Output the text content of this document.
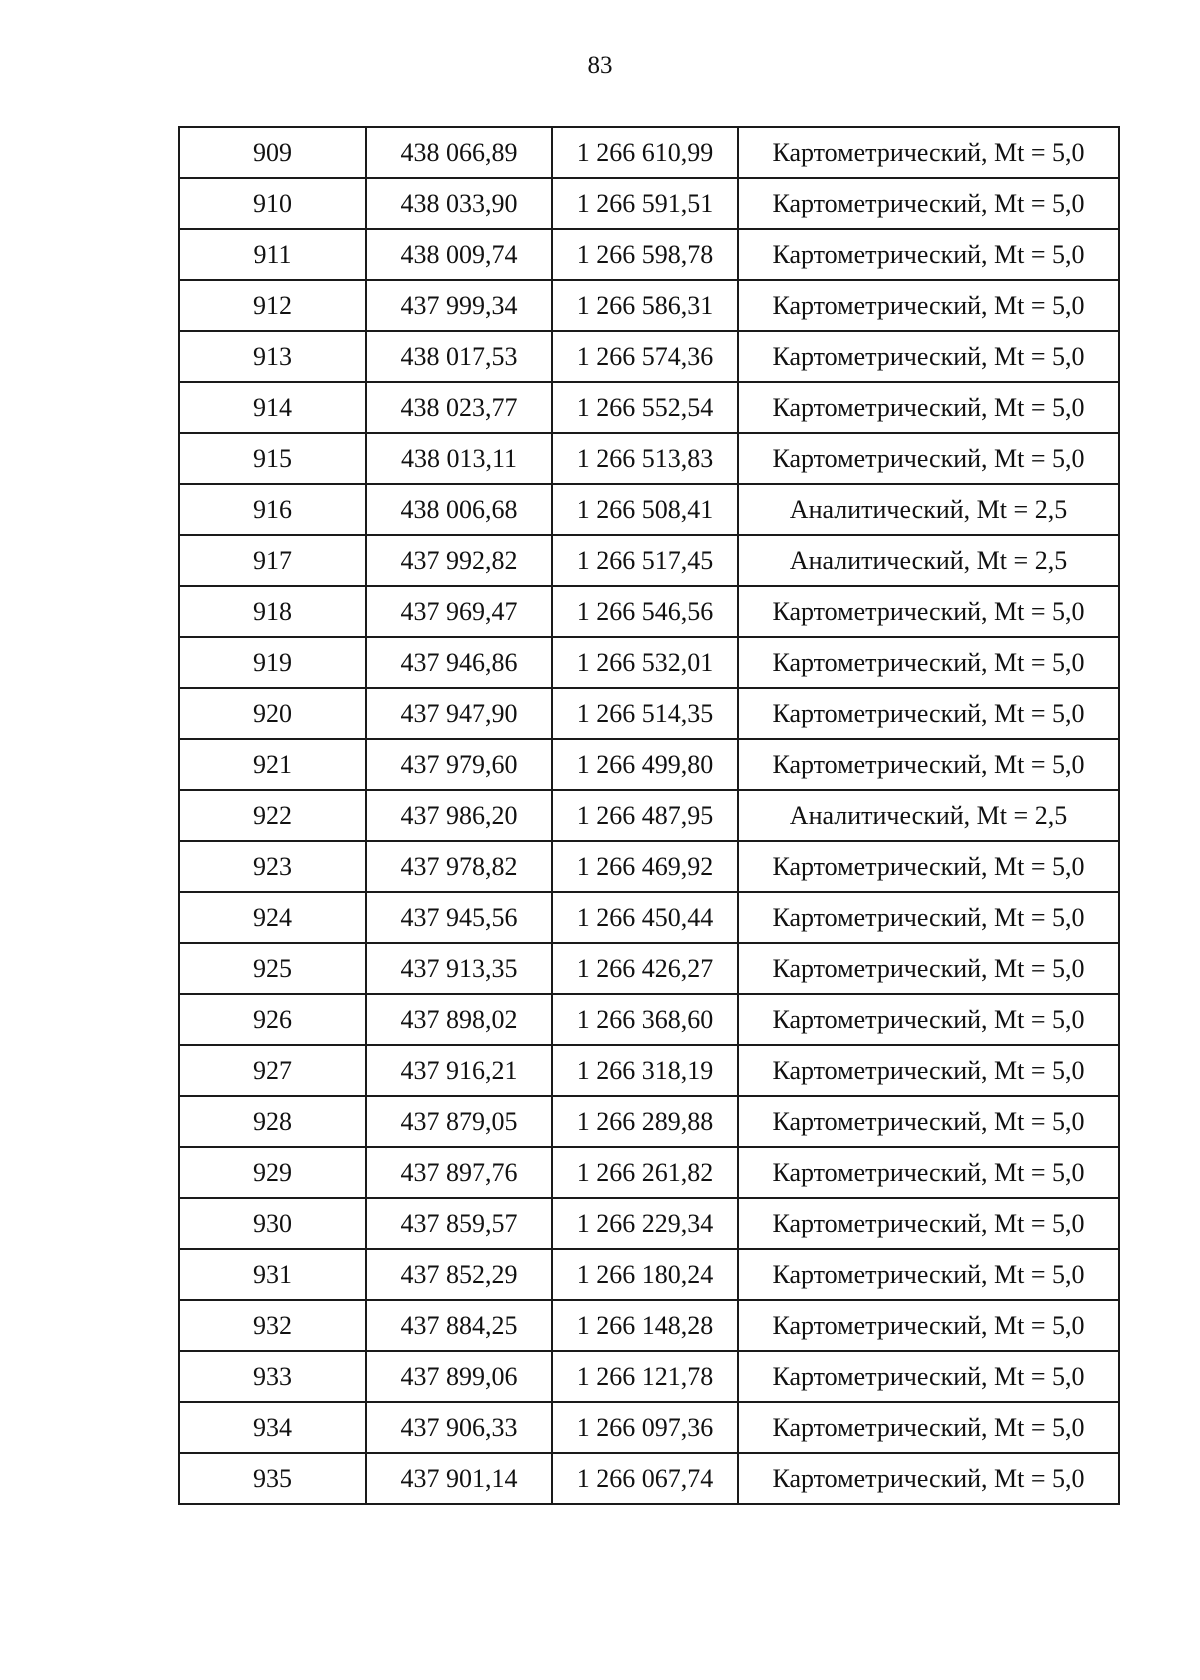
83
909	438 066,89	1 266 610,99	Картометрический, Mt = 5,0
910	438 033,90	1 266 591,51	Картометрический, Mt = 5,0
911	438 009,74	1 266 598,78	Картометрический, Mt = 5,0
912	437 999,34	1 266 586,31	Картометрический, Mt = 5,0
913	438 017,53	1 266 574,36	Картометрический, Mt = 5,0
914	438 023,77	1 266 552,54	Картометрический, Mt = 5,0
915	438 013,11	1 266 513,83	Картометрический, Mt = 5,0
916	438 006,68	1 266 508,41	Аналитический, Mt = 2,5
917	437 992,82	1 266 517,45	Аналитический, Mt = 2,5
918	437 969,47	1 266 546,56	Картометрический, Mt = 5,0
919	437 946,86	1 266 532,01	Картометрический, Mt = 5,0
920	437 947,90	1 266 514,35	Картометрический, Mt = 5,0
921	437 979,60	1 266 499,80	Картометрический, Mt = 5,0
922	437 986,20	1 266 487,95	Аналитический, Mt = 2,5
923	437 978,82	1 266 469,92	Картометрический, Mt = 5,0
924	437 945,56	1 266 450,44	Картометрический, Mt = 5,0
925	437 913,35	1 266 426,27	Картометрический, Mt = 5,0
926	437 898,02	1 266 368,60	Картометрический, Mt = 5,0
927	437 916,21	1 266 318,19	Картометрический, Mt = 5,0
928	437 879,05	1 266 289,88	Картометрический, Mt = 5,0
929	437 897,76	1 266 261,82	Картометрический, Mt = 5,0
930	437 859,57	1 266 229,34	Картометрический, Mt = 5,0
931	437 852,29	1 266 180,24	Картометрический, Mt = 5,0
932	437 884,25	1 266 148,28	Картометрический, Mt = 5,0
933	437 899,06	1 266 121,78	Картометрический, Mt = 5,0
934	437 906,33	1 266 097,36	Картометрический, Mt = 5,0
935	437 901,14	1 266 067,74	Картометрический, Mt = 5,0
